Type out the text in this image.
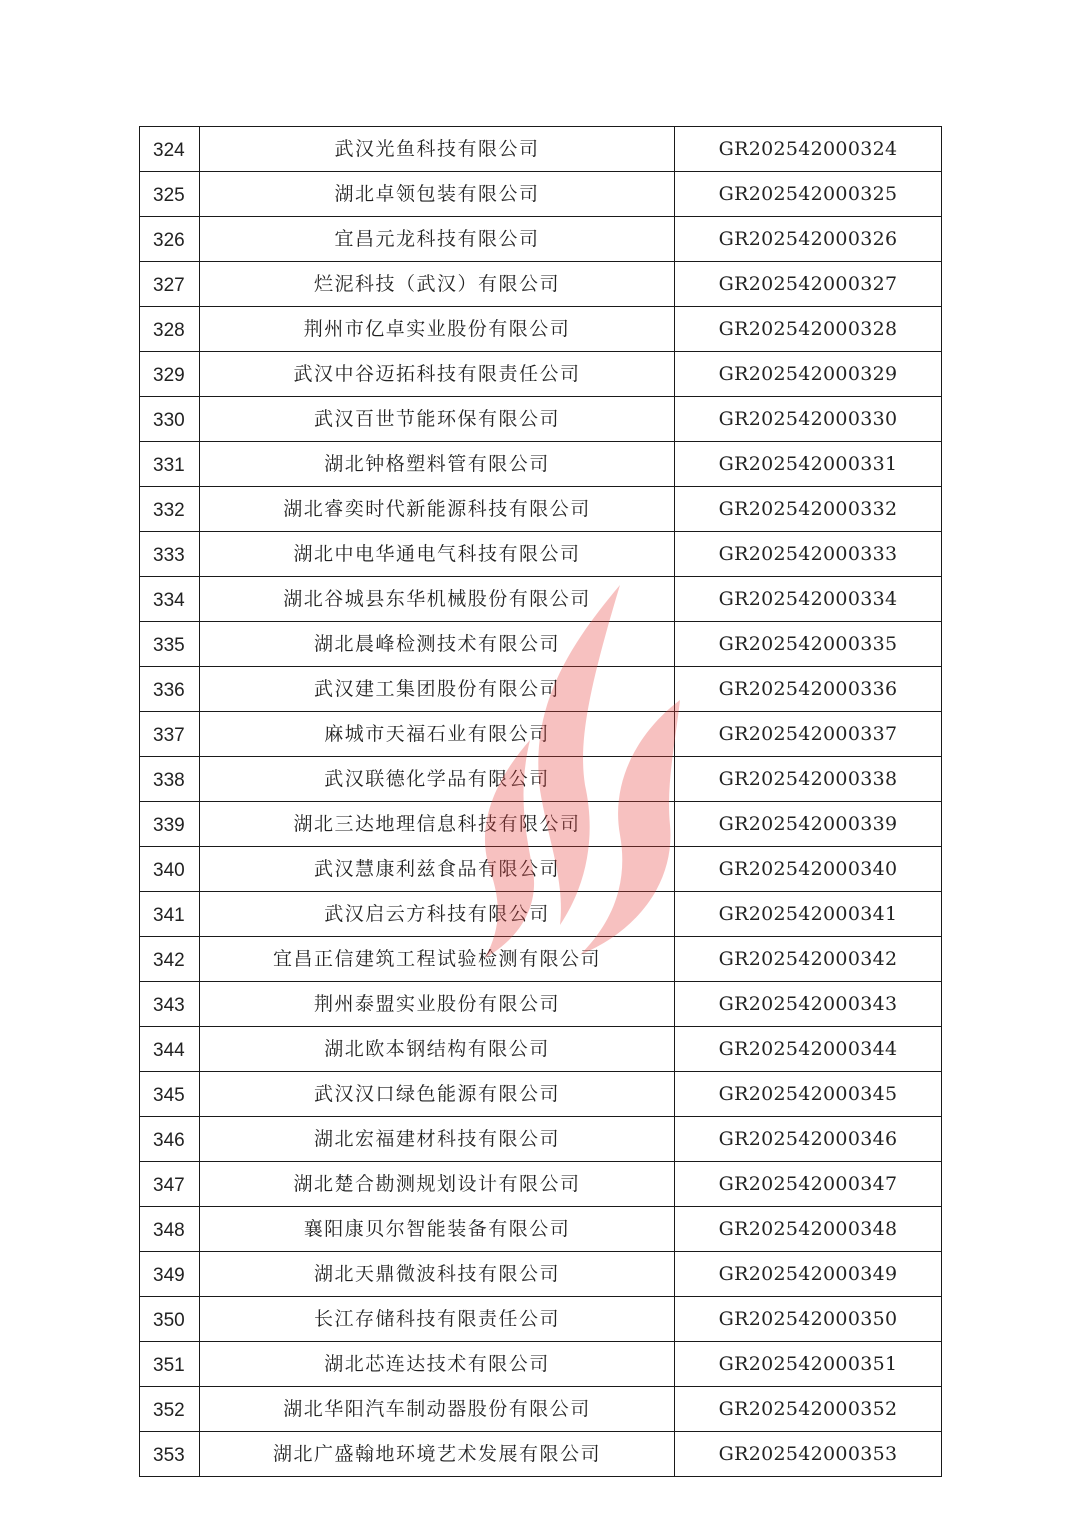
324	武汉光鱼科技有限公司	GR202542000324
325	湖北卓领包装有限公司	GR202542000325
326	宜昌元龙科技有限公司	GR202542000326
327	烂泥科技（武汉）有限公司	GR202542000327
328	荆州市亿卓实业股份有限公司	GR202542000328
329	武汉中谷迈拓科技有限责任公司	GR202542000329
330	武汉百世节能环保有限公司	GR202542000330
331	湖北钟格塑料管有限公司	GR202542000331
332	湖北睿奕时代新能源科技有限公司	GR202542000332
333	湖北中电华通电气科技有限公司	GR202542000333
334	湖北谷城县东华机械股份有限公司	GR202542000334
335	湖北晨峰检测技术有限公司	GR202542000335
336	武汉建工集团股份有限公司	GR202542000336
337	麻城市天福石业有限公司	GR202542000337
338	武汉联德化学品有限公司	GR202542000338
339	湖北三达地理信息科技有限公司	GR202542000339
340	武汉慧康利兹食品有限公司	GR202542000340
341	武汉启云方科技有限公司	GR202542000341
342	宜昌正信建筑工程试验检测有限公司	GR202542000342
343	荆州泰盟实业股份有限公司	GR202542000343
344	湖北欧本钢结构有限公司	GR202542000344
345	武汉汉口绿色能源有限公司	GR202542000345
346	湖北宏福建材科技有限公司	GR202542000346
347	湖北楚合勘测规划设计有限公司	GR202542000347
348	襄阳康贝尔智能装备有限公司	GR202542000348
349	湖北天鼎微波科技有限公司	GR202542000349
350	长江存储科技有限责任公司	GR202542000350
351	湖北芯连达技术有限公司	GR202542000351
352	湖北华阳汽车制动器股份有限公司	GR202542000352
353	湖北广盛翰地环境艺术发展有限公司	GR202542000353
